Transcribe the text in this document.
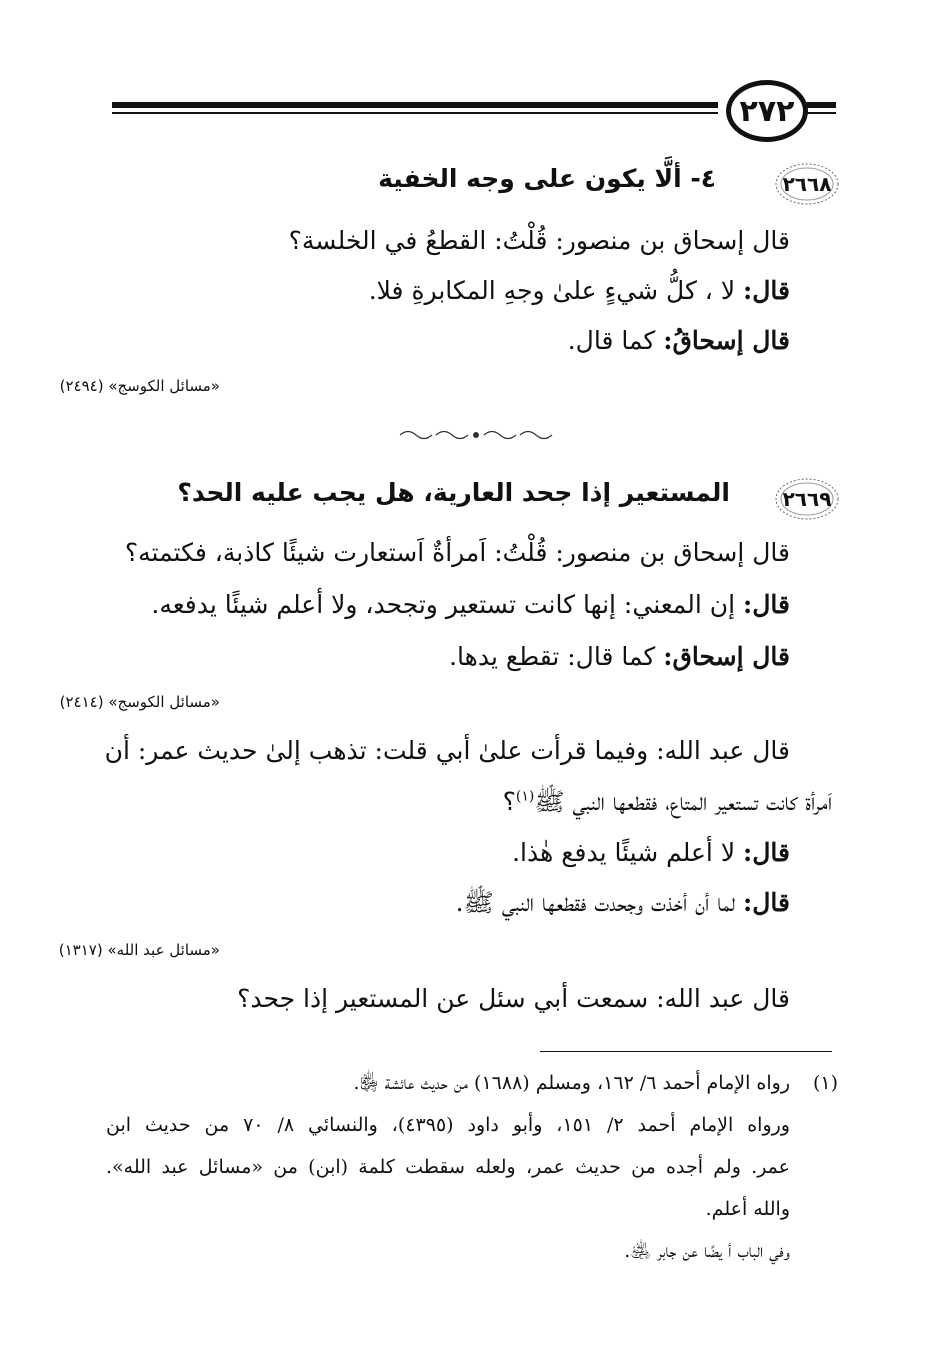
٢٧٢
٢٦٦٨
٤- ألَّا يكون على وجه الخفية
قال إسحاق بن منصور: قُلْتُ: القطعُ في الخلسة؟
قال: لا ، كلُّ شيءٍ علىٰ وجهِ المكابرةِ فلا.
قال إسحاقُ: كما قال.
«مسائل الكوسج» (٢٤٩٤)
٢٦٦٩
المستعير إذا جحد العارية، هل يجب عليه الحد؟
قال إسحاق بن منصور: قُلْتُ: اَمرأةٌ اَستعارت شيئًا كاذبة، فكتمته؟
قال: إن المعني: إنها كانت تستعير وتجحد، ولا أعلم شيئًا يدفعه.
قال إسحاق: كما قال: تقطع يدها.
«مسائل الكوسج» (٢٤١٤)
قال عبد الله: وفيما قرأت علىٰ أبي قلت: تذهب إلىٰ حديث عمر: أن
اَمرأة كانت تستعير المتاع، فقطعها النبي ﷺ$^{(١)}$؟
قال: لا أعلم شيئًا يدفع هٰذا.
قال: لما أن أخذت وجحدت فقطعها النبي ﷺ.
«مسائل عبد الله» (١٣١٧)
قال عبد الله: سمعت أبي سئل عن المستعير إذا جحد؟
(١)
رواه الإمام أحمد ٦/ ١٦٢، ومسلم (١٦٨٨) من حديث عائشة ﵂.
ورواه الإمام أحمد ٢/ ١٥١، وأبو داود (٤٣٩٥)، والنسائي ٨/ ٧٠ من حديث ابن
عمر. ولم أجده من حديث عمر، ولعله سقطت كلمة (ابن) من «مسائل عبد الله».
والله أعلم.
وفي الباب أ يضًا عن جابر ﵁.
